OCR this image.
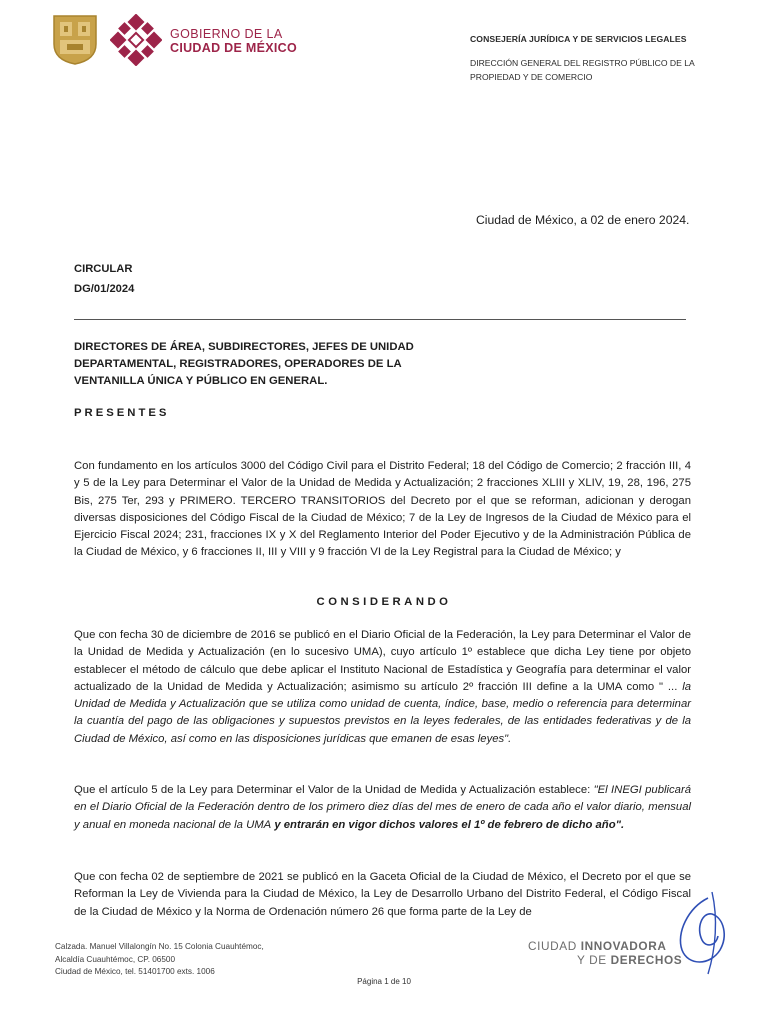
GOBIERNO DE LA
CIUDAD DE MÉXICO
CONSEJERÍA JURÍDICA Y DE SERVICIOS LEGALES
DIRECCIÓN GENERAL DEL REGISTRO PÚBLICO DE LA PROPIEDAD Y DE COMERCIO
Ciudad de México, a 02 de enero 2024.
CIRCULAR
DG/01/2024
DIRECTORES DE ÁREA, SUBDIRECTORES, JEFES DE UNIDAD DEPARTAMENTAL, REGISTRADORES, OPERADORES DE LA VENTANILLA ÚNICA Y PÚBLICO EN GENERAL.
PRESENTES

Con fundamento en los artículos 3000 del Código Civil para el Distrito Federal; 18 del Código de Comercio; 2 fracción III, 4 y 5 de la Ley para Determinar el Valor de la Unidad de Medida y Actualización; 2 fracciones XLIII y XLIV, 19, 28, 196, 275 Bis, 275 Ter, 293 y PRIMERO. TERCERO TRANSITORIOS del Decreto por el que se reforman, adicionan y derogan diversas disposiciones del Código Fiscal de la Ciudad de México; 7 de la Ley de Ingresos de la Ciudad de México para el Ejercicio Fiscal 2024; 231, fracciones IX y X del Reglamento Interior del Poder Ejecutivo y de la Administración Pública de la Ciudad de México, y 6 fracciones II, III y VIII y 9 fracción VI de la Ley Registral para la Ciudad de México; y

CONSIDERANDO

Que con fecha 30 de diciembre de 2016 se publicó en el Diario Oficial de la Federación, la Ley para Determinar el Valor de la Unidad de Medida y Actualización (en lo sucesivo UMA), cuyo artículo 1º establece que dicha Ley tiene por objeto establecer el método de cálculo que debe aplicar el Instituto Nacional de Estadística y Geografía para determinar el valor actualizado de la Unidad de Medida y Actualización; asimismo su artículo 2º fracción III define a la UMA como " ... la Unidad de Medida y Actualización que se utiliza como unidad de cuenta, índice, base, medio o referencia para determinar la cuantía del pago de las obligaciones y supuestos previstos en la leyes federales, de las entidades federativas y de la Ciudad de México, así como en las disposiciones jurídicas que emanen de esas leyes".

Que el artículo 5 de la Ley para Determinar el Valor de la Unidad de Medida y Actualización establece: "El INEGI publicará en el Diario Oficial de la Federación dentro de los primero diez días del mes de enero de cada año el valor diario, mensual y anual en moneda nacional de la UMA y entrarán en vigor dichos valores el 1º de febrero de dicho año".

Que con fecha 02 de septiembre de 2021 se publicó en la Gaceta Oficial de la Ciudad de México, el Decreto por el que se Reforman la Ley de Vivienda para la Ciudad de México, la Ley de Desarrollo Urbano del Distrito Federal, el Código Fiscal de la Ciudad de México y la Norma de Ordenación número 26 que forma parte de la Ley de

Calzada. Manuel Villalongín No. 15 Colonia Cuauhtémoc,
Alcaldía Cuauhtémoc, CP. 06500
Ciudad de México, tel. 51401700 exts. 1006
CIUDAD INNOVADORA
Y DE DERECHOS
Página 1 de 10
